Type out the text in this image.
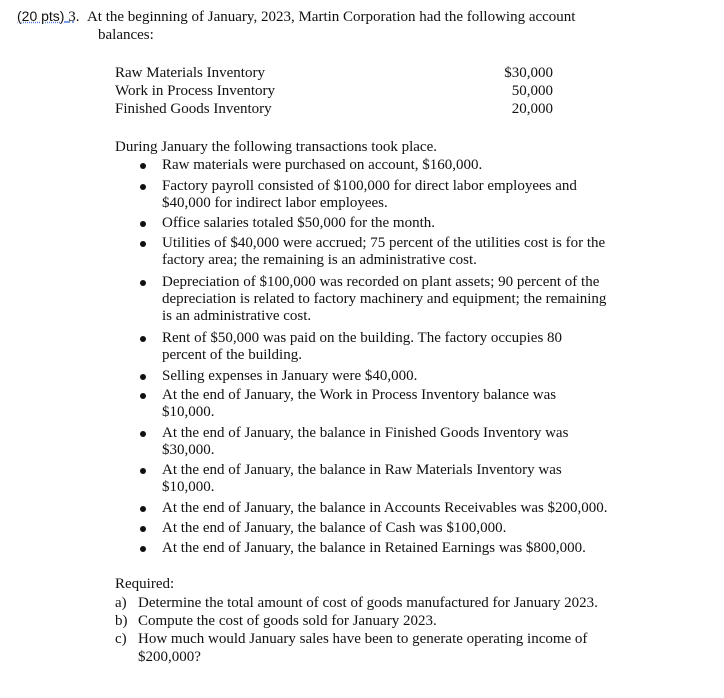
(20 pts) 3.  At the beginning of January, 2023, Martin Corporation had the following account
balances:
Raw Materials Inventory	$30,000
Work in Process Inventory	50,000
Finished Goods Inventory	20,000
During January the following transactions took place.
Raw materials were purchased on account, $160,000.
Factory payroll consisted of $100,000 for direct labor employees and
$40,000 for indirect labor employees.
Office salaries totaled $50,000 for the month.
Utilities of $40,000 were accrued; 75 percent of the utilities cost is for the
factory area; the remaining is an administrative cost.
Depreciation of $100,000 was recorded on plant assets; 90 percent of the
depreciation is related to factory machinery and equipment; the remaining
is an administrative cost.
Rent of $50,000 was paid on the building. The factory occupies 80
percent of the building.
Selling expenses in January were $40,000.
At the end of January, the Work in Process Inventory balance was
$10,000.
At the end of January, the balance in Finished Goods Inventory was
$30,000.
At the end of January, the balance in Raw Materials Inventory was
$10,000.
At the end of January, the balance in Accounts Receivables was $200,000.
At the end of January, the balance of Cash was $100,000.
At the end of January, the balance in Retained Earnings was $800,000.
Required:
a) Determine the total amount of cost of goods manufactured for January 2023.
b) Compute the cost of goods sold for January 2023.
c) How much would January sales have been to generate operating income of
$200,000?
